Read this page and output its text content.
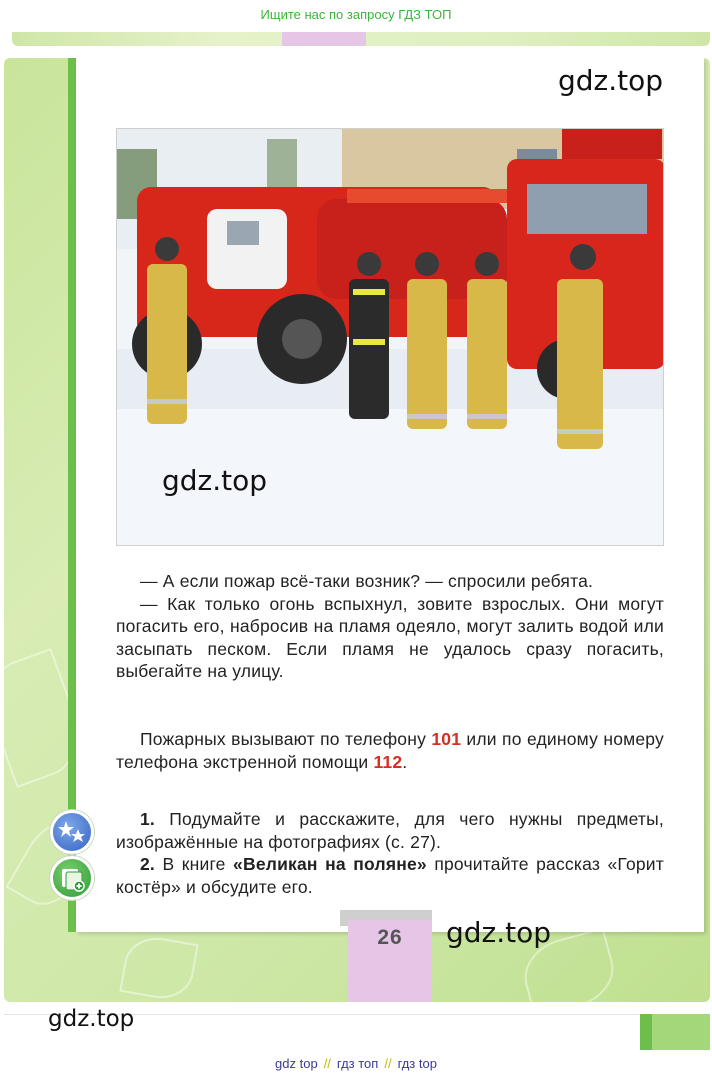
Ищите нас по запросу ГДЗ ТОП
gdz.top
gdz.top

— А если пожар всё-таки возник? — спросили ребята.

— Как только огонь вспыхнул, зовите взрослых. Они могут погасить его, набросив на пламя одеяло, могут залить водой или засыпать песком. Если пламя не удалось сразу погасить, выбегайте на улицу.

Пожарных вызывают по телефону 101 или по единому номеру телефона экстренной помощи 112.

1. Подумайте и расскажите, для чего нужны предметы, изображённые на фотографиях (с. 27).

2. В книге «Великан на поляне» прочитайте рассказ «Горит костёр» и обсудите его.

26	gdz.top
gdz.top
gdz top // гдз топ // гдз top
